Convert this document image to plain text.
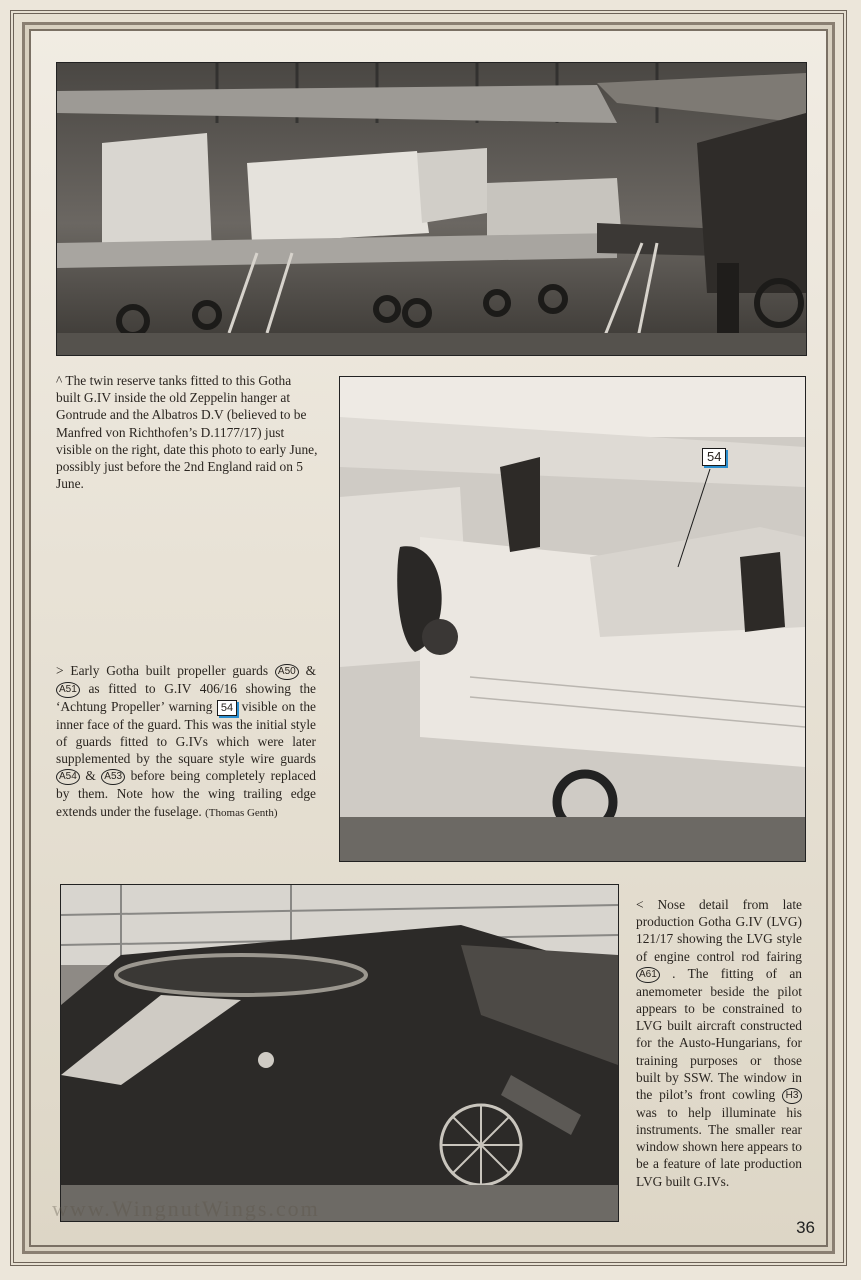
^ The twin reserve tanks fitted to this Gotha built G.IV inside the old Zeppelin hanger at Gontrude and the Albatros D.V (believed to be Manfred von Richthofen’s D.1177/17) just visible on the right, date this photo to early June, possibly just before the 2nd England raid on 5 June.
54
> Early Gotha built propeller guards A50 & A51 as fitted to G.IV 406/16 showing the ‘Achtung Propeller’ warning 54 visible on the inner face of the guard. This was the initial style of guards fitted to G.IVs which were later supplemented by the square style wire guards A54 & A53 before being completely replaced by them. Note how the wing trailing edge extends under the fuselage. (Thomas Genth)
www.WingnutWings.com
< Nose detail from late production Gotha G.IV (LVG) 121/17 showing the LVG style of engine control rod fairing A61 . The fitting of an anemometer beside the pilot appears to be constrained to LVG built aircraft constructed for the Austo-Hungarians, for training purposes or those built by SSW. The window in the pilot’s front cowling H3 was to help illuminate his instruments. The smaller rear window shown here appears to be a feature of late production LVG built G.IVs.
36
